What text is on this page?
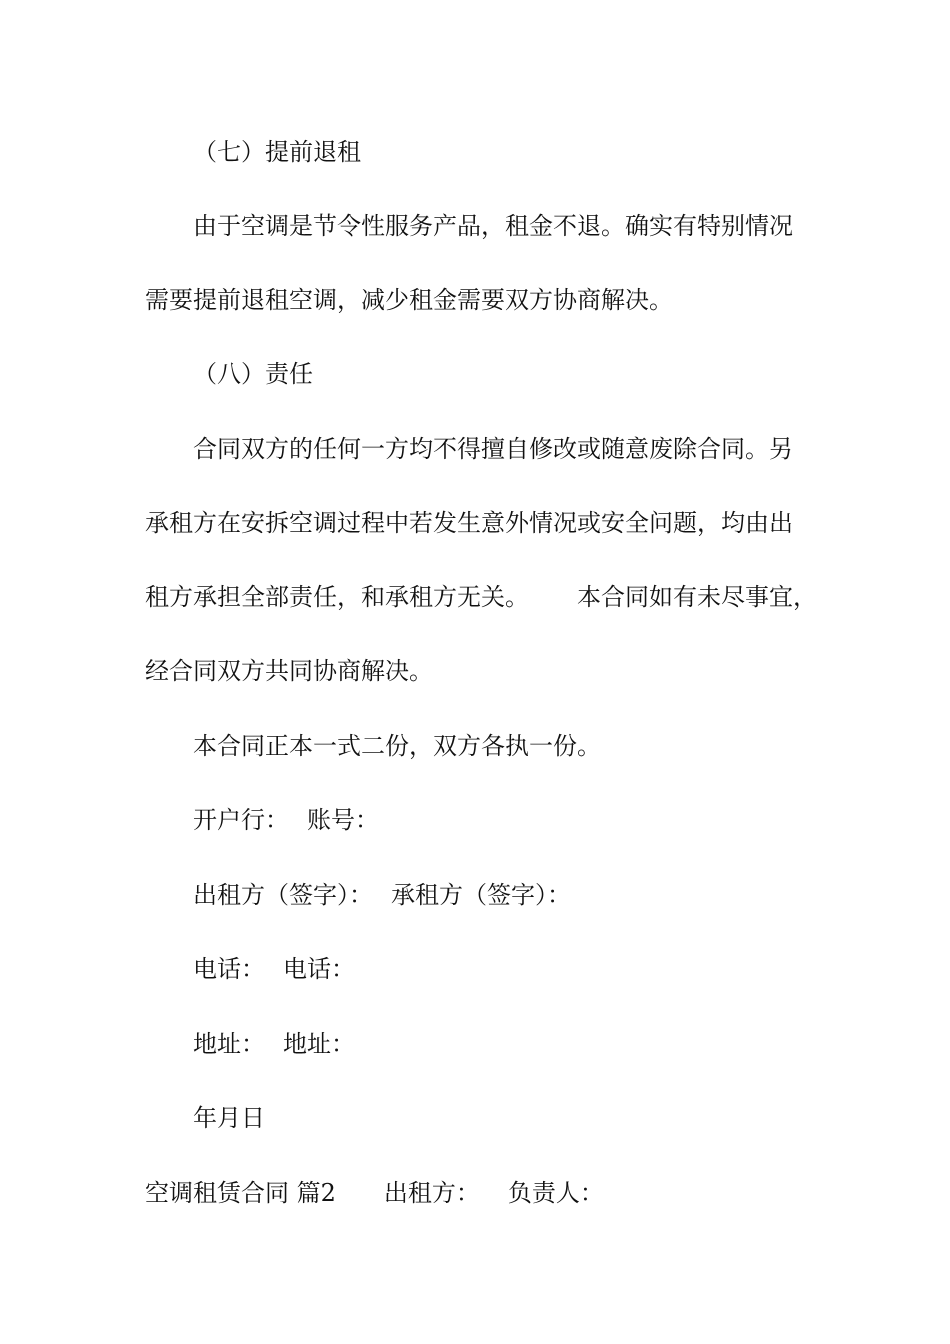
（七）提前退租
由于空调是节令性服务产品，租金不退。确实有特别情况
需要提前退租空调，减少租金需要双方协商解决。
（八）责任
合同双方的任何一方均不得擅自修改或随意废除合同。另
承租方在安拆空调过程中若发生意外情况或安全问题，均由出
租方承担全部责任，和承租方无关。 本合同如有未尽事宜，
经合同双方共同协商解决。
本合同正本一式二份，双方各执一份。
开户行： 账号：
出租方（签字）： 承租方（签字）：
电话： 电话：
地址： 地址：
年月日
空调租赁合同 篇2 出租方： 负责人：
